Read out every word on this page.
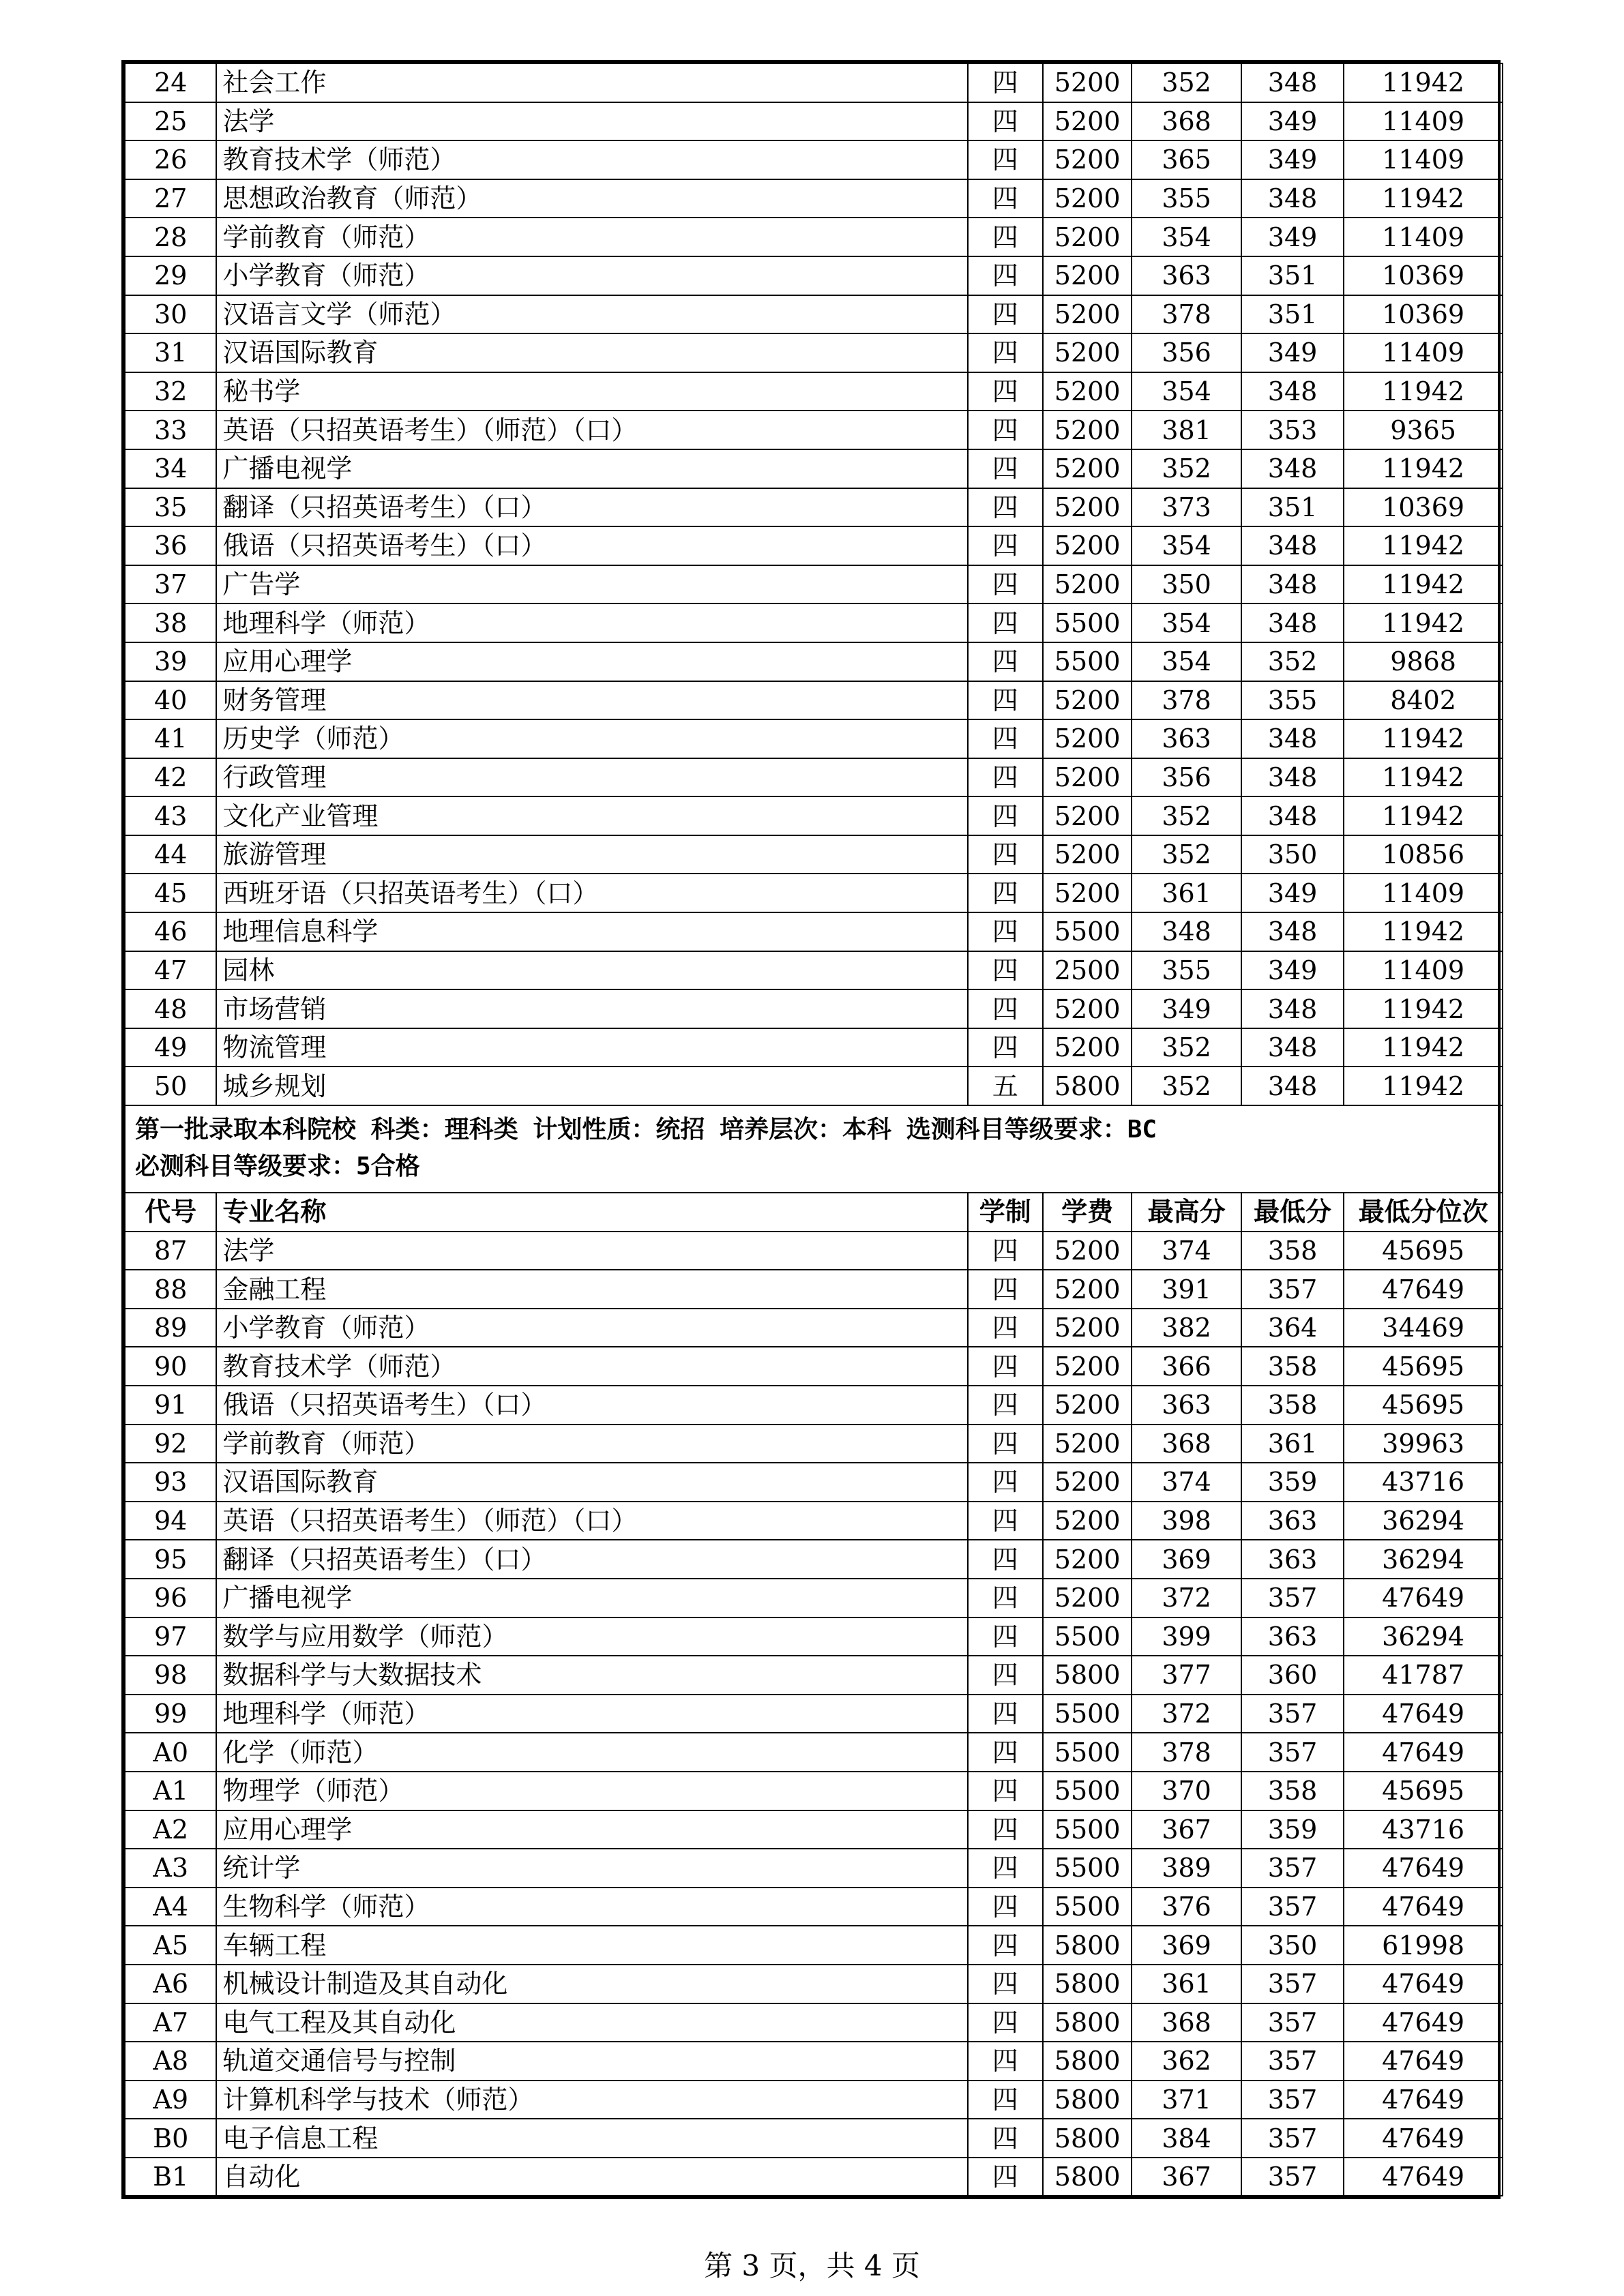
24	社会工作	四	5200	352	348	11942
25	法学	四	5200	368	349	11409
26	教育技术学（师范）	四	5200	365	349	11409
27	思想政治教育（师范）	四	5200	355	348	11942
28	学前教育（师范）	四	5200	354	349	11409
29	小学教育（师范）	四	5200	363	351	10369
30	汉语言文学（师范）	四	5200	378	351	10369
31	汉语国际教育	四	5200	356	349	11409
32	秘书学	四	5200	354	348	11942
33	英语（只招英语考生）（师范）（口）	四	5200	381	353	9365
34	广播电视学	四	5200	352	348	11942
35	翻译（只招英语考生）（口）	四	5200	373	351	10369
36	俄语（只招英语考生）（口）	四	5200	354	348	11942
37	广告学	四	5200	350	348	11942
38	地理科学（师范）	四	5500	354	348	11942
39	应用心理学	四	5500	354	352	9868
40	财务管理	四	5200	378	355	8402
41	历史学（师范）	四	5200	363	348	11942
42	行政管理	四	5200	356	348	11942
43	文化产业管理	四	5200	352	348	11942
44	旅游管理	四	5200	352	350	10856
45	西班牙语（只招英语考生）（口）	四	5200	361	349	11409
46	地理信息科学	四	5500	348	348	11942
47	园林	四	2500	355	349	11409
48	市场营销	四	5200	349	348	11942
49	物流管理	四	5200	352	348	11942
50	城乡规划	五	5800	352	348	11942
第一批录取本科院校 科类：理科类 计划性质：统招 培养层次：本科 选测科目等级要求：BC
必测科目等级要求：5合格
代号	专业名称	学制	学费	最高分	最低分	最低分位次
87	法学	四	5200	374	358	45695
88	金融工程	四	5200	391	357	47649
89	小学教育（师范）	四	5200	382	364	34469
90	教育技术学（师范）	四	5200	366	358	45695
91	俄语（只招英语考生）（口）	四	5200	363	358	45695
92	学前教育（师范）	四	5200	368	361	39963
93	汉语国际教育	四	5200	374	359	43716
94	英语（只招英语考生）（师范）（口）	四	5200	398	363	36294
95	翻译（只招英语考生）（口）	四	5200	369	363	36294
96	广播电视学	四	5200	372	357	47649
97	数学与应用数学（师范）	四	5500	399	363	36294
98	数据科学与大数据技术	四	5800	377	360	41787
99	地理科学（师范）	四	5500	372	357	47649
A0	化学（师范）	四	5500	378	357	47649
A1	物理学（师范）	四	5500	370	358	45695
A2	应用心理学	四	5500	367	359	43716
A3	统计学	四	5500	389	357	47649
A4	生物科学（师范）	四	5500	376	357	47649
A5	车辆工程	四	5800	369	350	61998
A6	机械设计制造及其自动化	四	5800	361	357	47649
A7	电气工程及其自动化	四	5800	368	357	47649
A8	轨道交通信号与控制	四	5800	362	357	47649
A9	计算机科学与技术（师范）	四	5800	371	357	47649
B0	电子信息工程	四	5800	384	357	47649
B1	自动化	四	5800	367	357	47649
第 3 页，共 4 页
